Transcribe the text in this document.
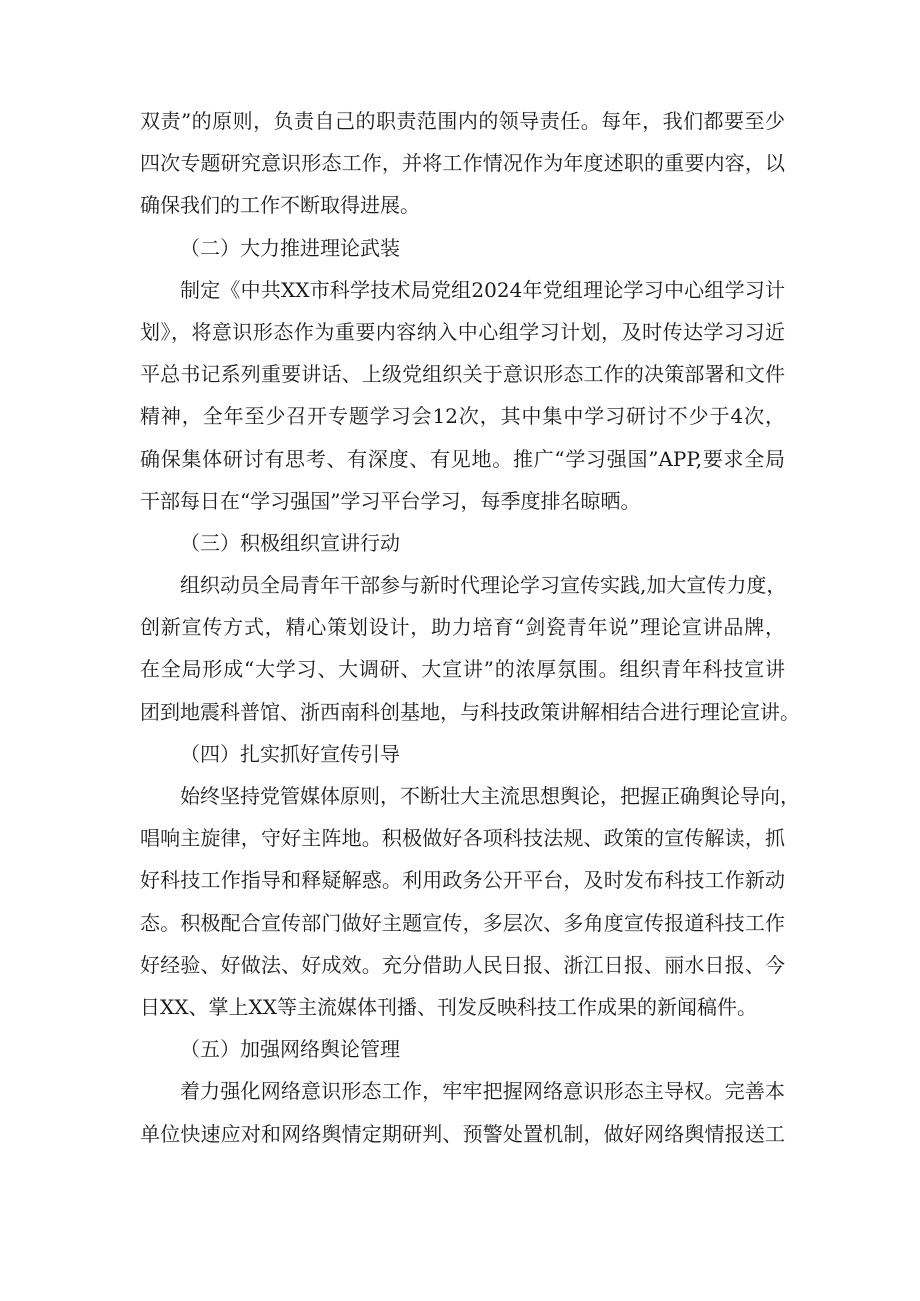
双责”的原则，负责自己的职责范围内的领导责任。每年，我们都要至少
四次专题研究意识形态工作，并将工作情况作为年度述职的重要内容，以
确保我们的工作不断取得进展。
（二）大力推进理论武装
制定《中共XX市科学技术局党组2024年党组理论学习中心组学习计
划》，将意识形态作为重要内容纳入中心组学习计划，及时传达学习习近
平总书记系列重要讲话、上级党组织关于意识形态工作的决策部署和文件
精神，全年至少召开专题学习会12次，其中集中学习研讨不少于4次，
确保集体研讨有思考、有深度、有见地。推广“学习强国”APP,要求全局
干部每日在“学习强国”学习平台学习，每季度排名晾晒。
（三）积极组织宣讲行动
组织动员全局青年干部参与新时代理论学习宣传实践,加大宣传力度，
创新宣传方式，精心策划设计，助力培育“剑瓷青年说”理论宣讲品牌，
在全局形成“大学习、大调研、大宣讲”的浓厚氛围。组织青年科技宣讲
团到地震科普馆、浙西南科创基地，与科技政策讲解相结合进行理论宣讲。
（四）扎实抓好宣传引导
始终坚持党管媒体原则，不断壮大主流思想舆论，把握正确舆论导向，
唱响主旋律，守好主阵地。积极做好各项科技法规、政策的宣传解读，抓
好科技工作指导和释疑解惑。利用政务公开平台，及时发布科技工作新动
态。积极配合宣传部门做好主题宣传，多层次、多角度宣传报道科技工作
好经验、好做法、好成效。充分借助人民日报、浙江日报、丽水日报、今
日XX、掌上XX等主流媒体刊播、刊发反映科技工作成果的新闻稿件。
（五）加强网络舆论管理
着力强化网络意识形态工作，牢牢把握网络意识形态主导权。完善本
单位快速应对和网络舆情定期研判、预警处置机制，做好网络舆情报送工
